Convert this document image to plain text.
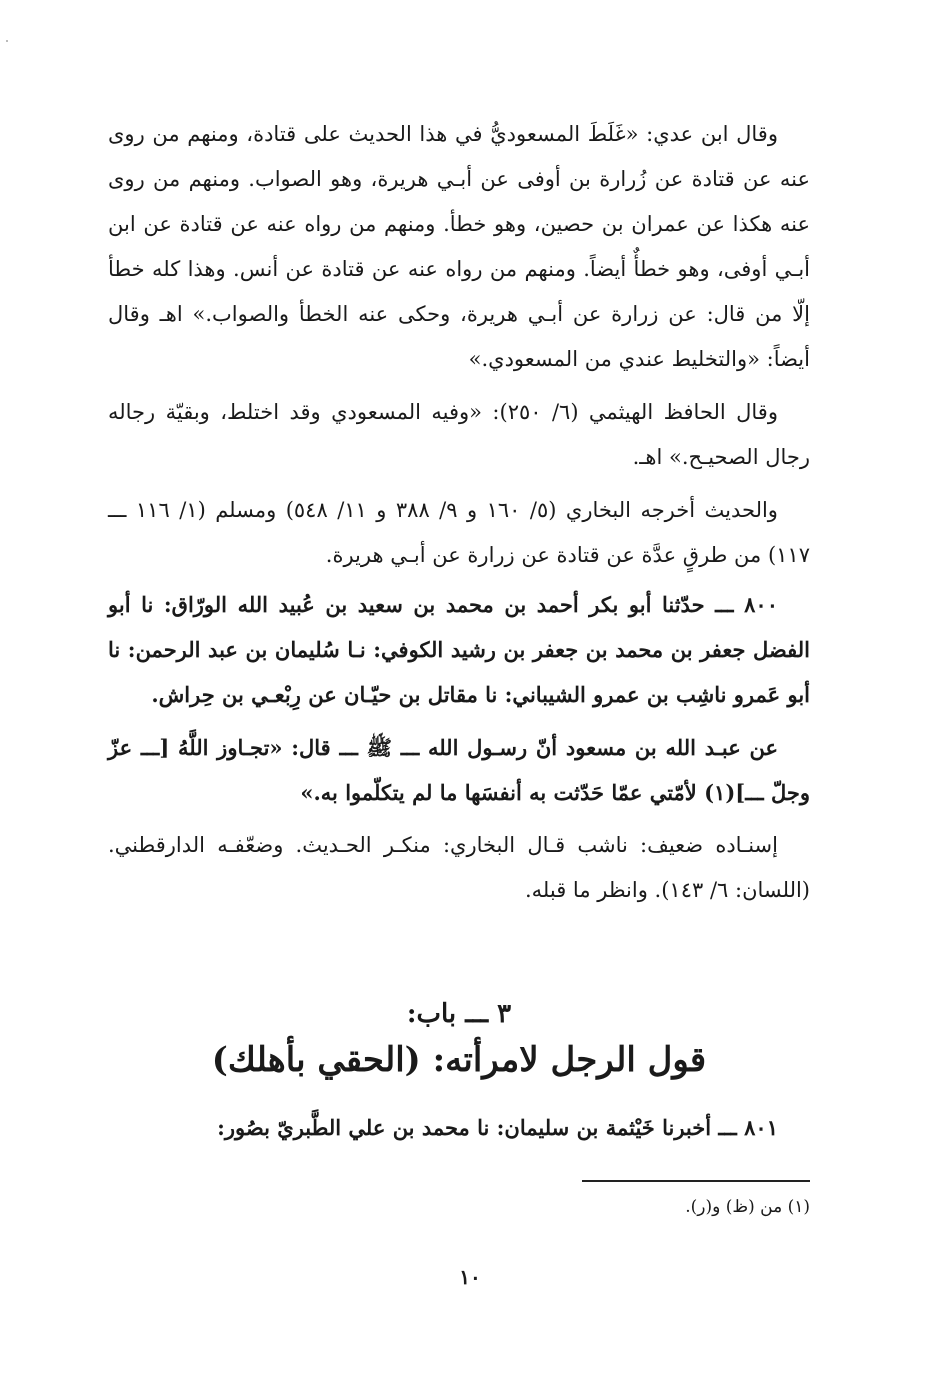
وقال ابن عدي: «غَلَطَ المسعوديُّ في هذا الحديث على قتادة، ومنهم من روى عنه عن قتادة عن زُرارة بن أوفى عن أبـي هريرة، وهو الصواب. ومنهم من روى عنه هكذا عن عمران بن حصين، وهو خطأ. ومنهم من رواه عنه عن قتادة عن ابن أبـي أوفى، وهو خطأٌ أيضاً. ومنهم من رواه عنه عن قتادة عن أنس. وهذا كله خطأ إلّا من قال: عن زرارة عن أبـي هريرة، وحكى عنه الخطأ والصواب.» اهـ وقال أيضاً: «والتخليط عندي من المسعودي.»

وقال الحافظ الهيثمي (٦/ ٢٥٠): «وفيه المسعودي وقد اختلط، وبقيّة رجاله رجال الصحيـح.» اهـ.

والحديث أخرجه البخاري (٥/ ١٦٠ و ٩/ ٣٨٨ و ١١/ ٥٤٨) ومسلم (١/ ١١٦ ـــ ١١٧) من طرقٍ عدَّة عن قتادة عن زرارة عن أبـي هريرة.

٨٠٠ ـــ حدّثنا أبو بكر أحمد بن محمد بن سعيد بن عُبيد الله الورّاق: نا أبو الفضل جعفر بن محمد بن جعفر بن رشيد الكوفي: نـا سُليمان بن عبد الرحمن: نا أبو عَمرو ناشِب بن عمرو الشيباني: نا مقاتل بن حيّـان عن رِبْعـي بن حِراش.

عن عبـد الله بن مسعود أنّ رسـول الله ـــ ﷺ ـــ قال: «تجـاوز اللَّهُ [ـــ عزّ وجلّ ـــ](١) لأمّتي عمّا حَدّثت به أنفسَها ما لم يتكلّموا به.»

إسنـاده ضعيف: ناشب قـال البخاري: منكـر الحـديث. وضعّفـه الدارقطني. (اللسان: ٦/ ١٤٣). وانظر ما قبله.

٣ ـــ باب:

قول الرجل لامرأته: (الحقي بأهلك)

٨٠١ ـــ أخبرنا خَيْثمة بن سليمان: نا محمد بن علي الطَّبريّ بصُور:

(١) من (ظ) و(ر).

١٠
